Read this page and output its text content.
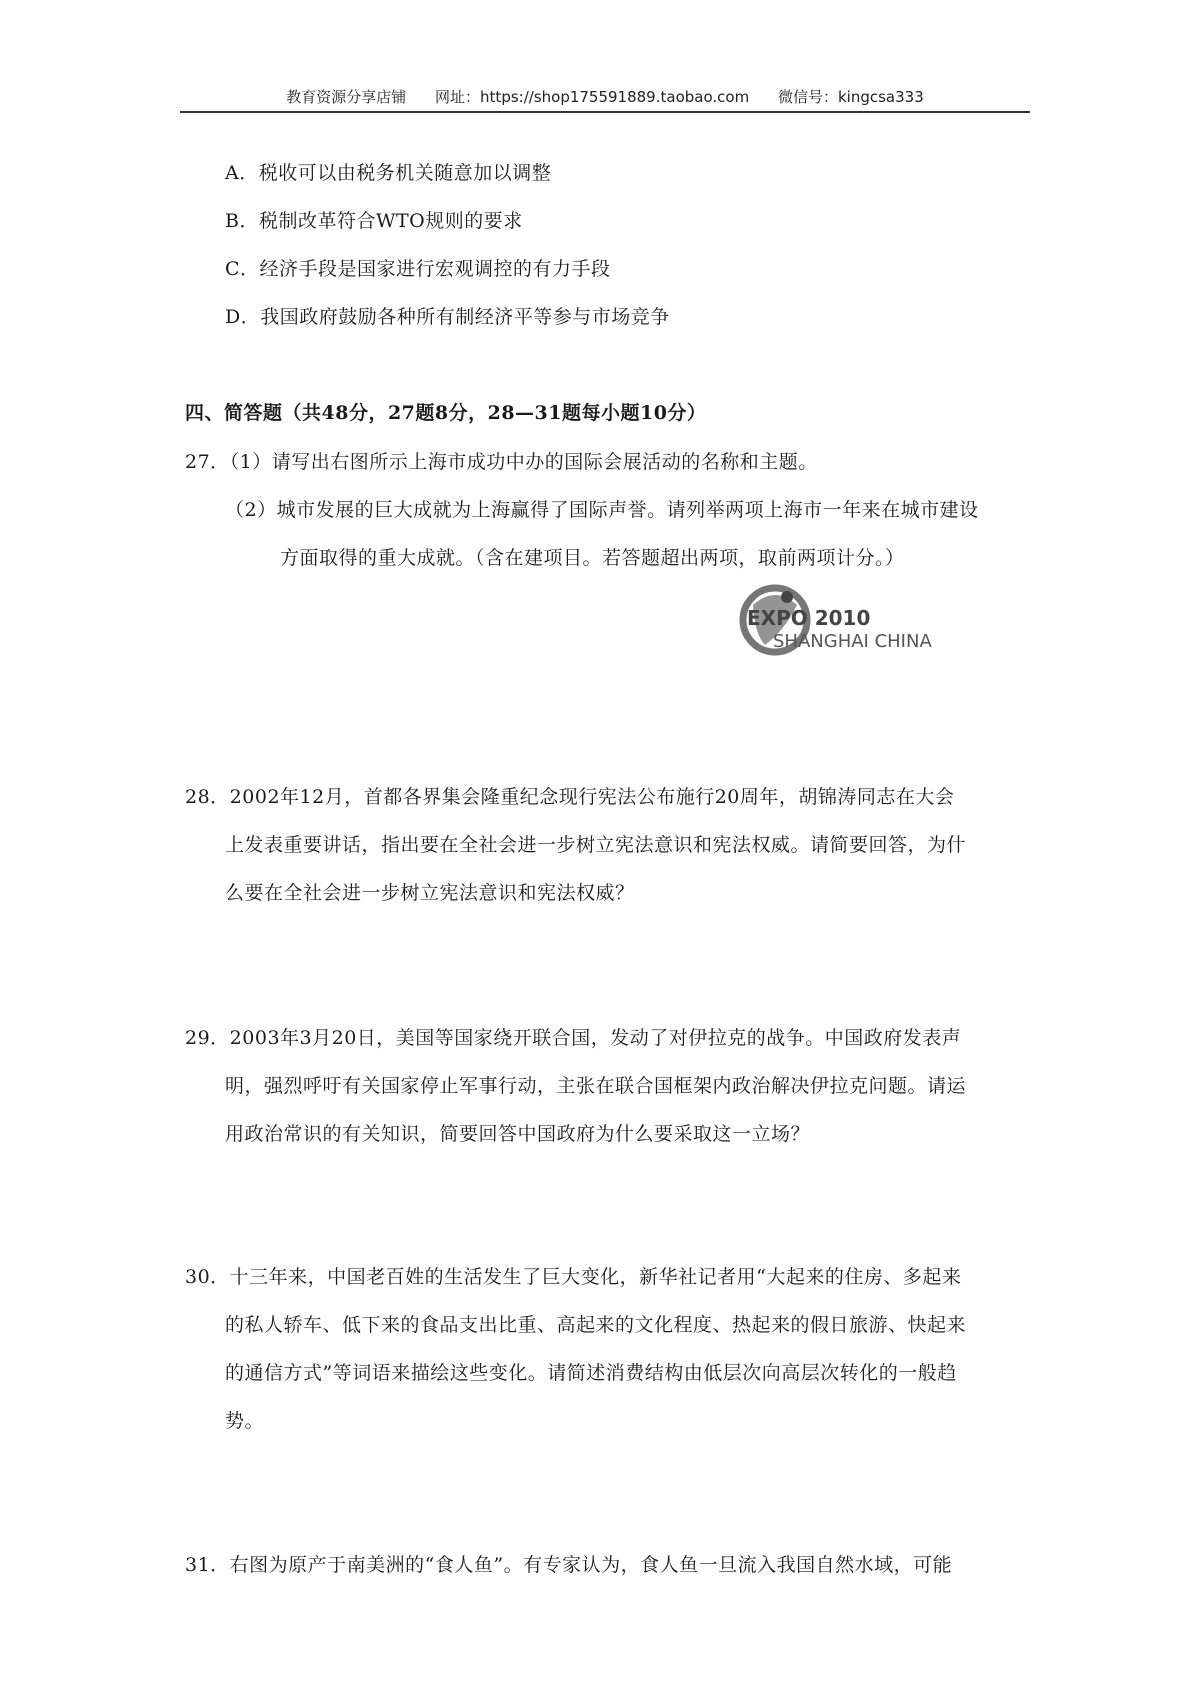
教育资源分享店铺 网址：https://shop175591889.taobao.com 微信号：kingcsa333
A．税收可以由税务机关随意加以调整
B．税制改革符合WTO规则的要求
C．经济手段是国家进行宏观调控的有力手段
D．我国政府鼓励各种所有制经济平等参与市场竞争
四、简答题（共48分，27题8分，28—31题每小题10分）
27．（1）请写出右图所示上海市成功中办的国际会展活动的名称和主题。
（2）城市发展的巨大成就为上海赢得了国际声誉。请列举两项上海市一年来在城市建设
方面取得的重大成就。（含在建项目。若答题超出两项，取前两项计分。）
EXPO 2010
SHANGHAI CHINA
28．2002年12月，首都各界集会隆重纪念现行宪法公布施行20周年，胡锦涛同志在大会
上发表重要讲话，指出要在全社会进一步树立宪法意识和宪法权威。请简要回答，为什
么要在全社会进一步树立宪法意识和宪法权威？
29．2003年3月20日，美国等国家绕开联合国，发动了对伊拉克的战争。中国政府发表声
明，强烈呼吁有关国家停止军事行动，主张在联合国框架内政治解决伊拉克问题。请运
用政治常识的有关知识，简要回答中国政府为什么要采取这一立场？
30．十三年来，中国老百姓的生活发生了巨大变化，新华社记者用“大起来的住房、多起来
的私人轿车、低下来的食品支出比重、高起来的文化程度、热起来的假日旅游、快起来
的通信方式”等词语来描绘这些变化。请简述消费结构由低层次向高层次转化的一般趋
势。
31．右图为原产于南美洲的“食人鱼”。有专家认为，食人鱼一旦流入我国自然水域，可能
